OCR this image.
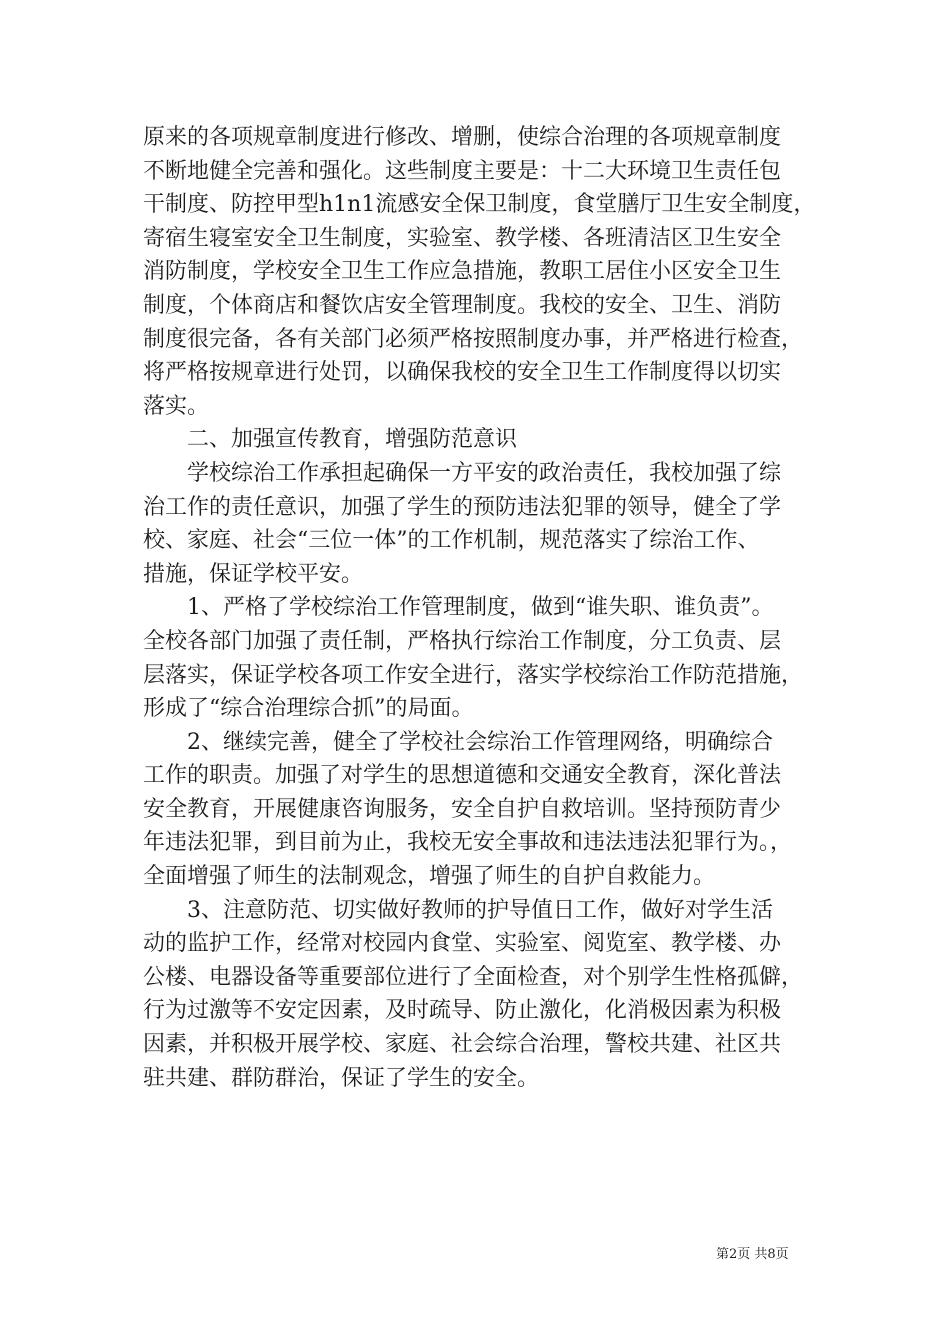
原来的各项规章制度进行修改、增删，使综合治理的各项规章制度

不断地健全完善和强化。这些制度主要是：十二大环境卫生责任包

干制度、防控甲型h1n1流感安全保卫制度，食堂膳厅卫生安全制度，

寄宿生寝室安全卫生制度，实验室、教学楼、各班清洁区卫生安全

消防制度，学校安全卫生工作应急措施，教职工居住小区安全卫生

制度，个体商店和餐饮店安全管理制度。我校的安全、卫生、消防

制度很完备，各有关部门必须严格按照制度办事，并严格进行检查，

将严格按规章进行处罚，以确保我校的安全卫生工作制度得以切实

落实。

二、加强宣传教育，增强防范意识

学校综治工作承担起确保一方平安的政治责任，我校加强了综

治工作的责任意识，加强了学生的预防违法犯罪的领导，健全了学

校、家庭、社会“三位一体”的工作机制，规范落实了综治工作、

措施，保证学校平安。

1、严格了学校综治工作管理制度，做到“谁失职、谁负责”。

全校各部门加强了责任制，严格执行综治工作制度，分工负责、层

层落实，保证学校各项工作安全进行，落实学校综治工作防范措施，

形成了“综合治理综合抓”的局面。

2、继续完善，健全了学校社会综治工作管理网络，明确综合

工作的职责。加强了对学生的思想道德和交通安全教育，深化普法

安全教育，开展健康咨询服务，安全自护自救培训。坚持预防青少

年违法犯罪，到目前为止，我校无安全事故和违法违法犯罪行为。，

全面增强了师生的法制观念，增强了师生的自护自救能力。

3、注意防范、切实做好教师的护导值日工作，做好对学生活

动的监护工作，经常对校园内食堂、实验室、阅览室、教学楼、办

公楼、电器设备等重要部位进行了全面检查，对个别学生性格孤僻，

行为过激等不安定因素，及时疏导、防止激化，化消极因素为积极

因素，并积极开展学校、家庭、社会综合治理，警校共建、社区共

驻共建、群防群治，保证了学生的安全。

第2页 共8页
